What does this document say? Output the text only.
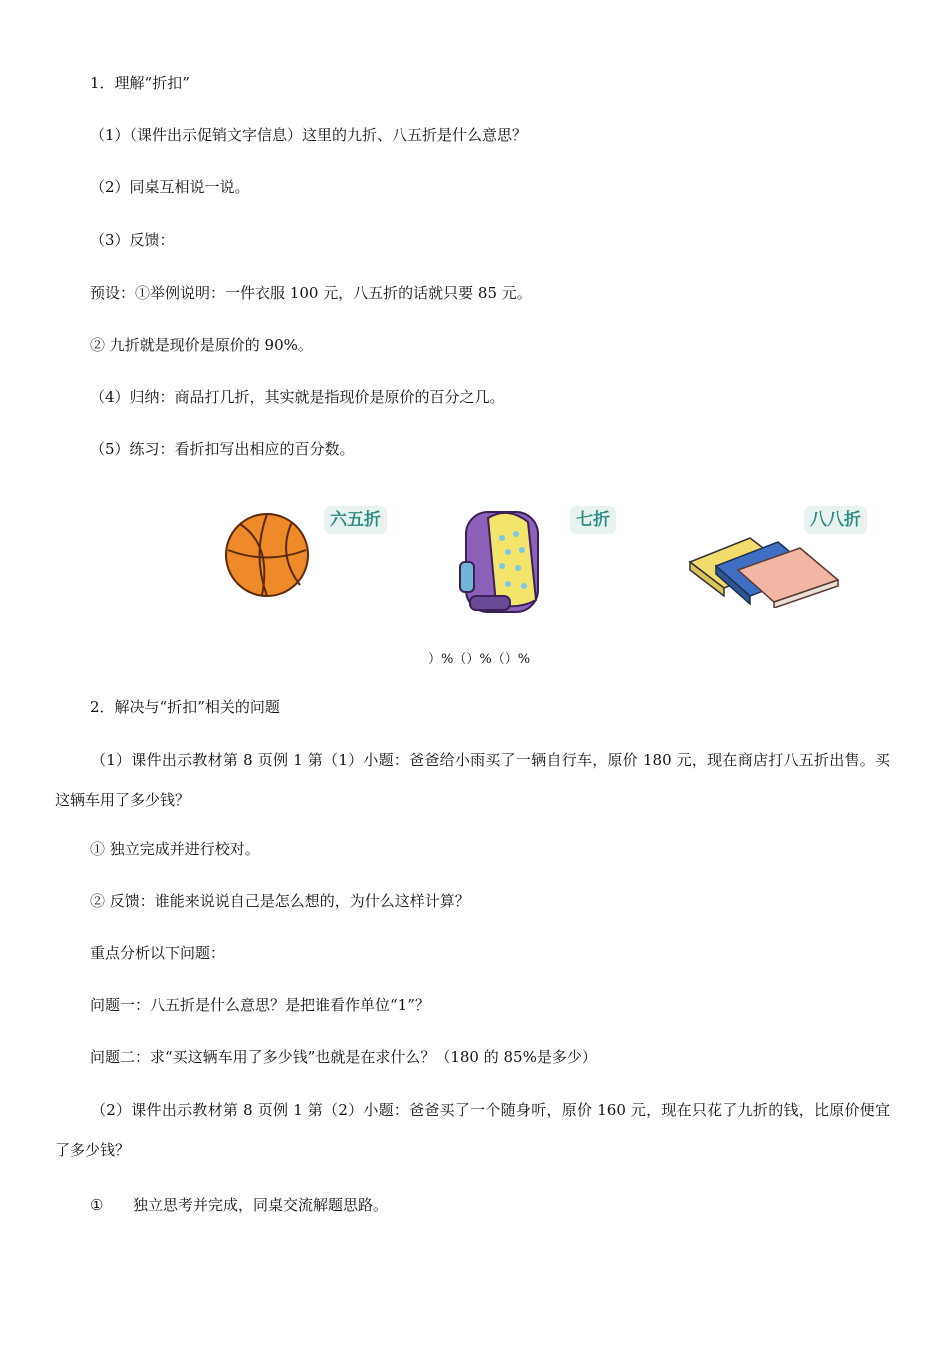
1．理解“折扣”
（1）（课件出示促销文字信息）这里的九折、八五折是什么意思？
（2）同桌互相说一说。
（3）反馈：
预设：①举例说明：一件衣服 100 元，八五折的话就只要 85 元。
② 九折就是现价是原价的 90%。
（4）归纳：商品打几折，其实就是指现价是原价的百分之几。
（5）练习：看折扣写出相应的百分数。
六五折	七折	八八折
）%（）%（）%
2．解决与“折扣”相关的问题
（1）课件出示教材第 8 页例 1 第（1）小题：爸爸给小雨买了一辆自行车，原价 180 元，现在商店打八五折出售。买这辆车用了多少钱？
① 独立完成并进行校对。
② 反馈：谁能来说说自己是怎么想的，为什么这样计算？
重点分析以下问题：
问题一：八五折是什么意思？是把谁看作单位“1”？
问题二：求“买这辆车用了多少钱”也就是在求什么？（180 的 85%是多少）
（2）课件出示教材第 8 页例 1 第（2）小题：爸爸买了一个随身听，原价 160 元，现在只花了九折的钱，比原价便宜了多少钱？
① 独立思考并完成，同桌交流解题思路。
